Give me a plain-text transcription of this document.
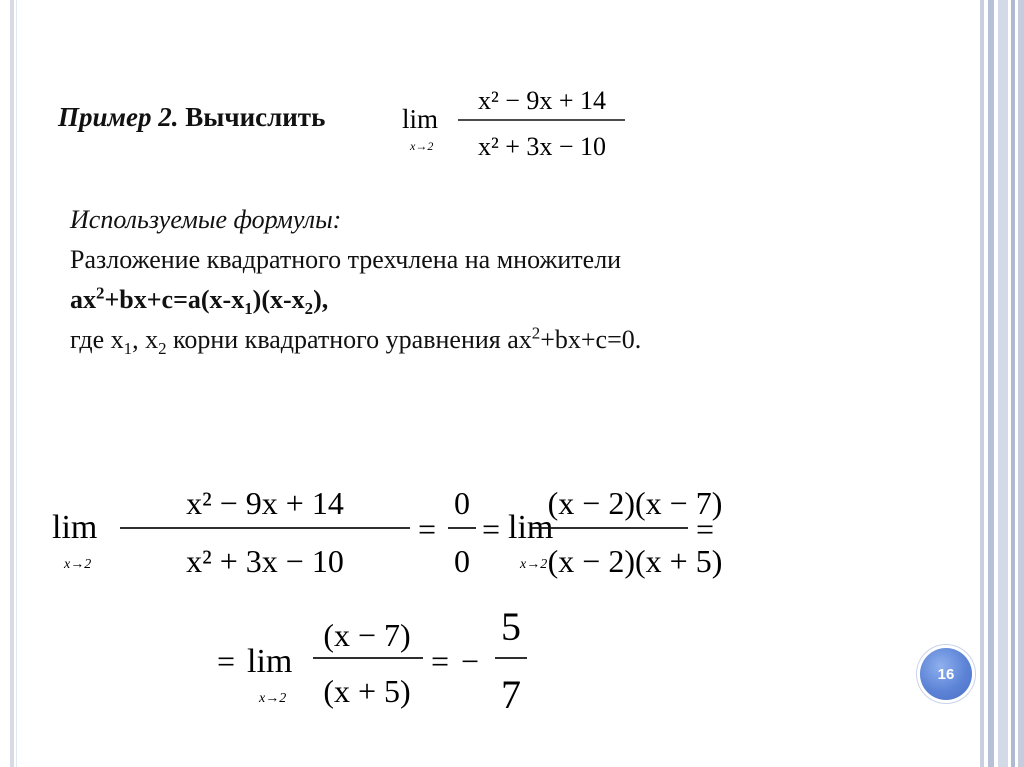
Пример 2. Вычислить	lim
x→2
x² − 9x + 14
x² + 3x − 10
Используемые формулы:
Разложение квадратного трехчлена на множители
$ax^2+bx+c=a(x-x_1)(x-x_2)$,
где $x_1$, $x_2$ корни квадратного уравнения $ax^2+bx+c=0$.
lim
x→2
x² − 9x + 14
x² + 3x − 10
=
0
0
= lim
x→2
(x − 2)(x − 7)
(x − 2)(x + 5)
=
= lim
x→2
(x − 7)
(x + 5)
= −
5
7	16
